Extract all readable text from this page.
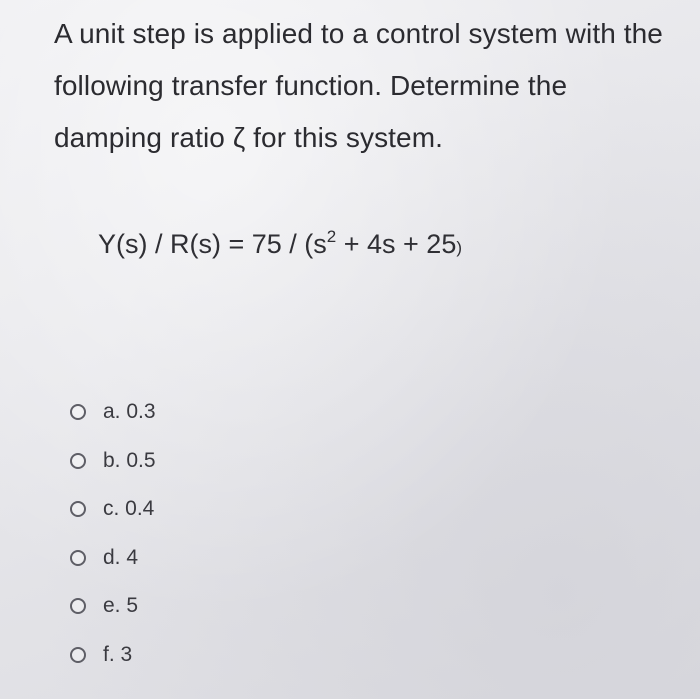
A unit step is applied to a control system with the following transfer function. Determine the damping ratio ζ for this system.

$Y(s) / R(s) = 75 / (s^2 + 4s + 25)$
a. 0.3
b. 0.5
c. 0.4
d. 4
e. 5
f. 3
